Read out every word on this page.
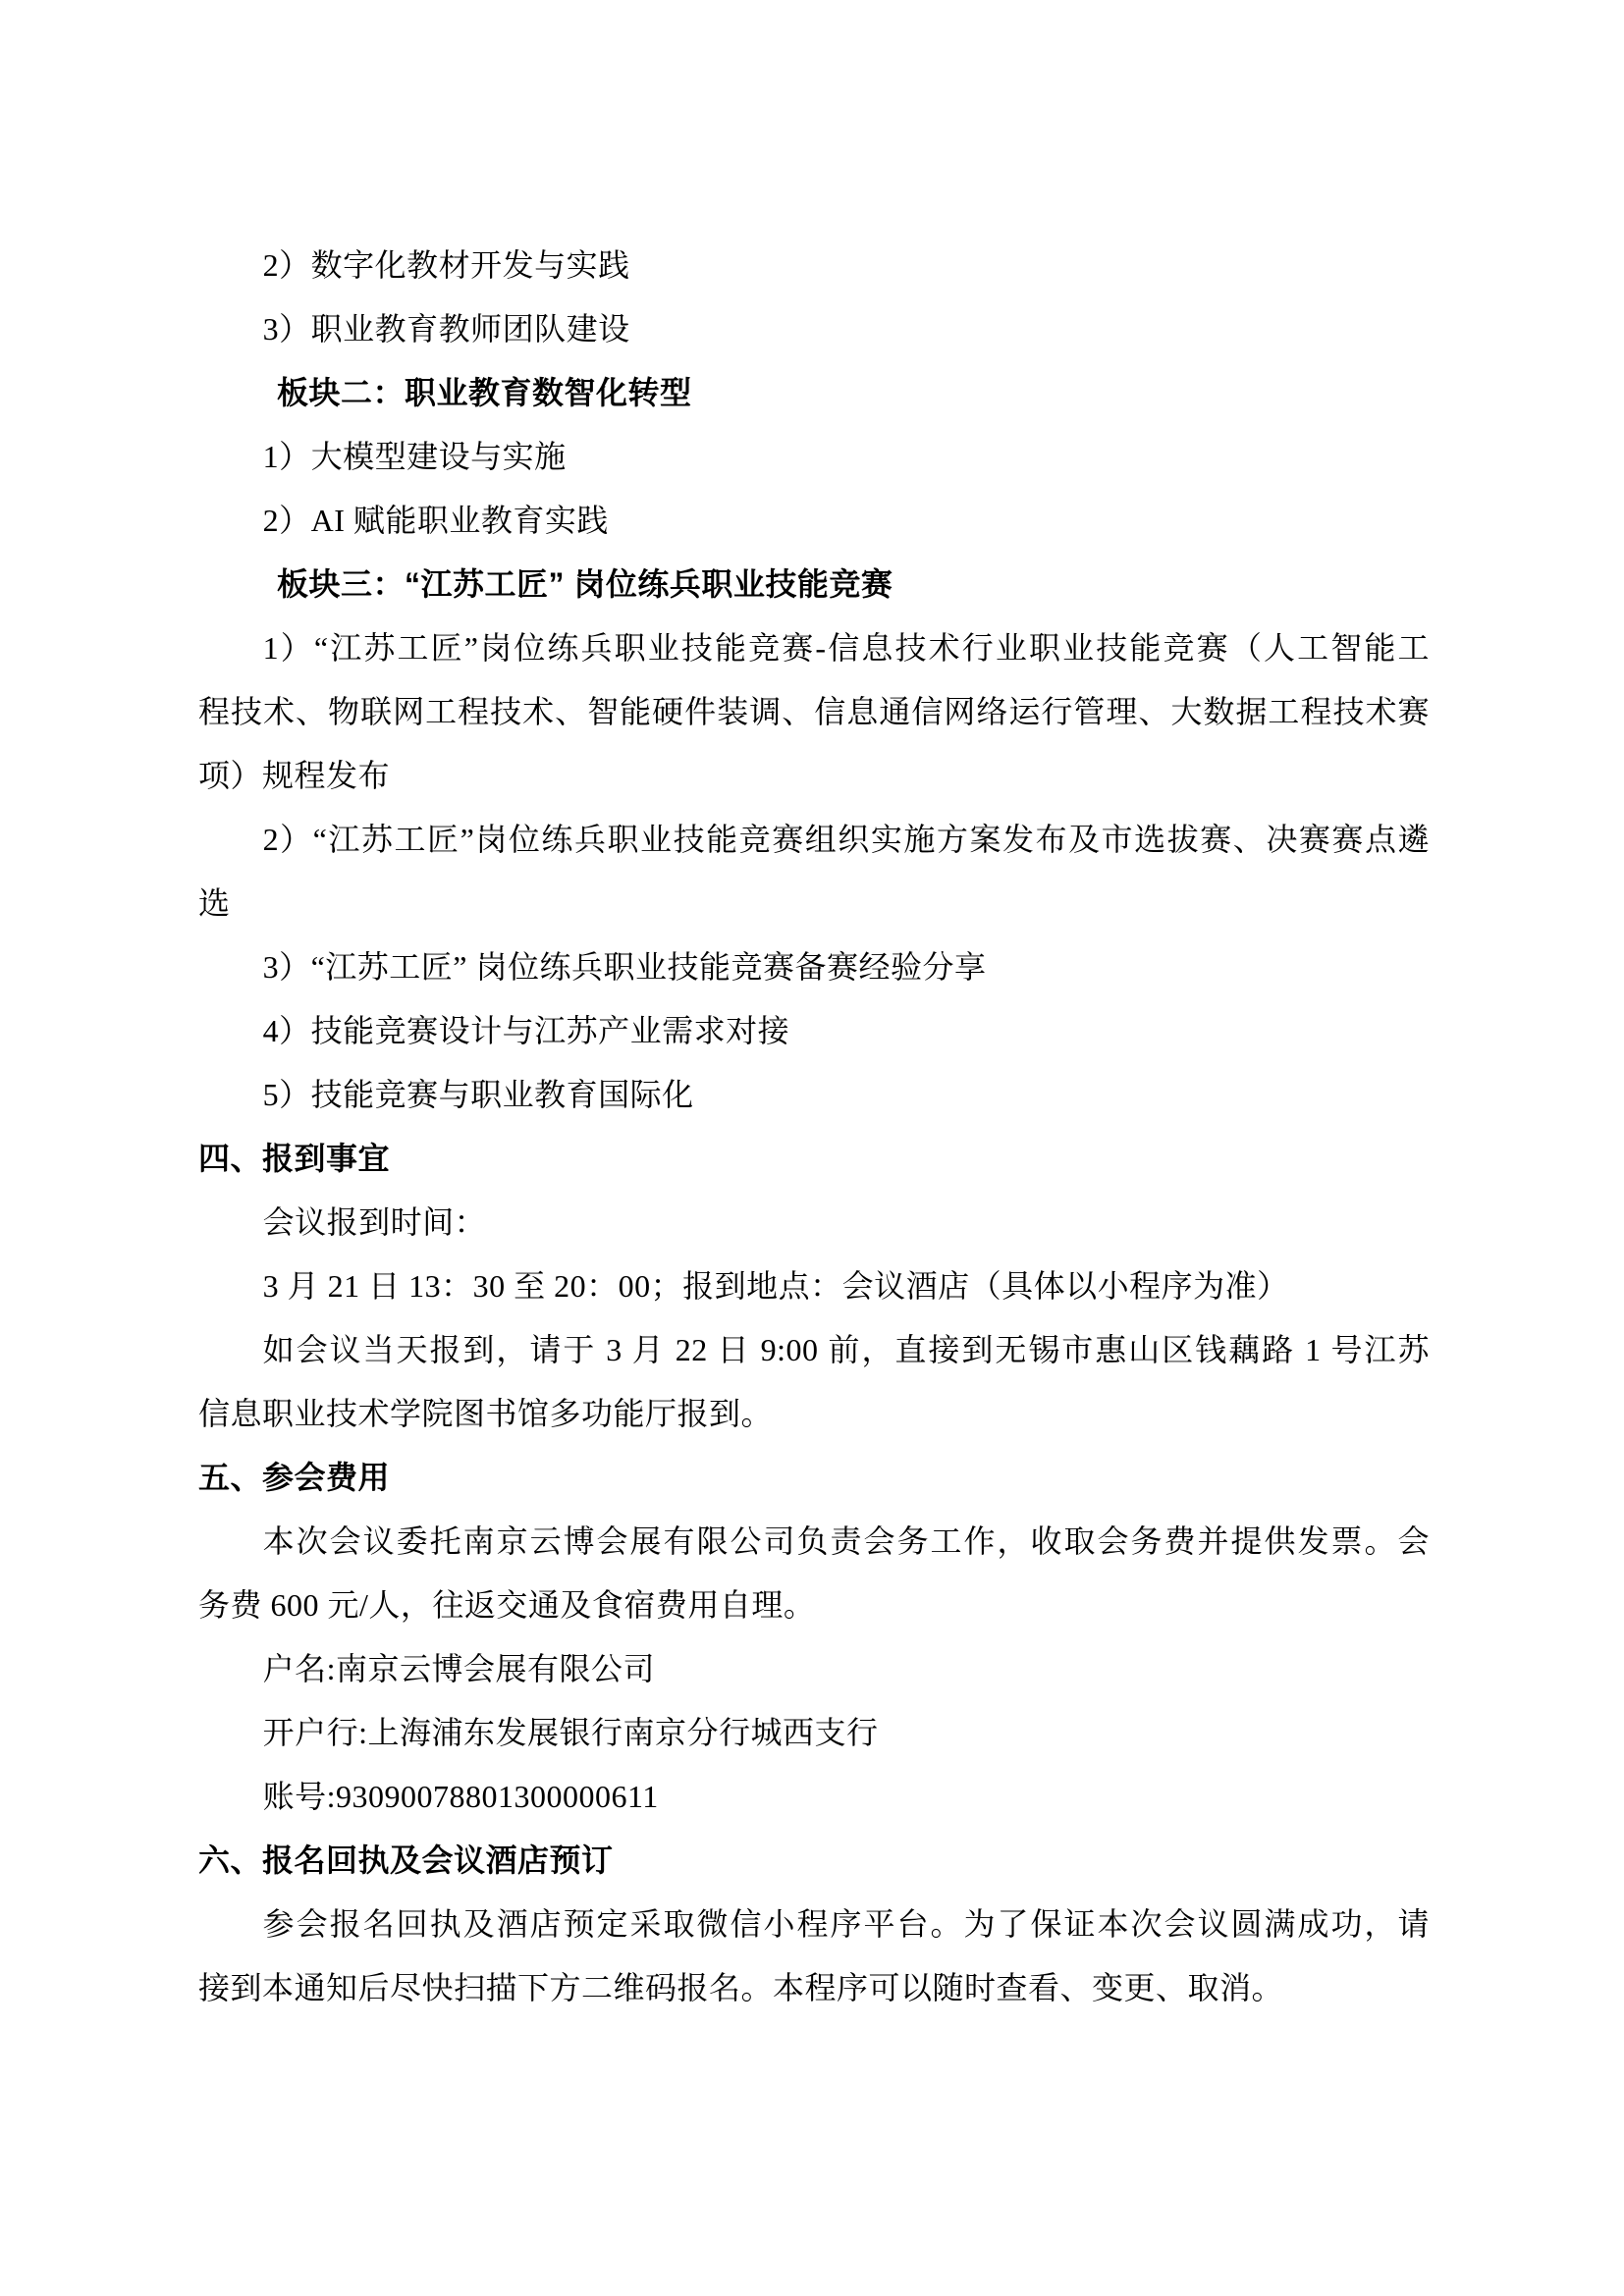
2）数字化教材开发与实践
3）职业教育教师团队建设
板块二：职业教育数智化转型
1）大模型建设与实施
2）AI 赋能职业教育实践
板块三：“江苏工匠” 岗位练兵职业技能竞赛
1）“江苏工匠”岗位练兵职业技能竞赛-信息技术行业职业技能竞赛（人工智能工
程技术、物联网工程技术、智能硬件装调、信息通信网络运行管理、大数据工程技术赛
项）规程发布
2）“江苏工匠”岗位练兵职业技能竞赛组织实施方案发布及市选拔赛、决赛赛点遴
选
3）“江苏工匠” 岗位练兵职业技能竞赛备赛经验分享
4）技能竞赛设计与江苏产业需求对接
5）技能竞赛与职业教育国际化
四、报到事宜
会议报到时间：
3 月 21 日 13：30 至 20：00；报到地点：会议酒店（具体以小程序为准）
如会议当天报到，请于 3 月 22 日 9:00 前，直接到无锡市惠山区钱藕路 1 号江苏
信息职业技术学院图书馆多功能厅报到。
五、参会费用
本次会议委托南京云博会展有限公司负责会务工作，收取会务费并提供发票。会
务费 600 元/人，往返交通及食宿费用自理。
户名:南京云博会展有限公司
开户行:上海浦东发展银行南京分行城西支行
账号:93090078801300000611
六、报名回执及会议酒店预订
参会报名回执及酒店预定采取微信小程序平台。为了保证本次会议圆满成功，请
接到本通知后尽快扫描下方二维码报名。本程序可以随时查看、变更、取消。
